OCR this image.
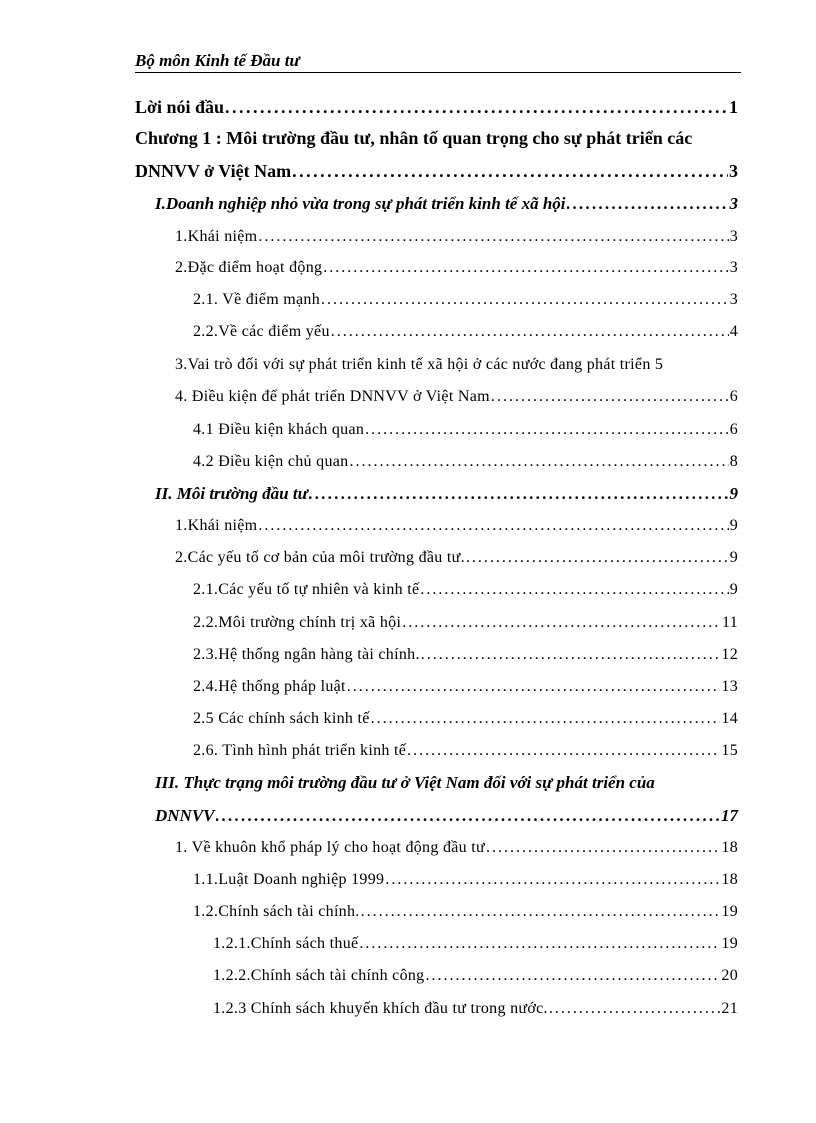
Bộ môn Kinh tế Đầu tư
Lời nói đầu . . .	1
Chương 1 : Môi trường đầu tư, nhân tố quan trọng cho sự phát triển các
DNNVV ở Việt Nam . . .	3
I.Doanh nghiệp nhỏ vừa trong sự phát triển kinh tế xã hội . . .	3
1.Khái niệm . . .	3
2.Đặc điểm hoạt động . . .	3
2.1. Về điểm mạnh . . .	3
2.2.Về các điểm yếu . . .	4
3.Vai trò đối với sự phát triển kinh tế xã hội ở các nước đang phát triển 5
4. Điều kiện để phát triển DNNVV ở Việt Nam . . .	6
4.1 Điều kiện khách quan . . .	6
4.2 Điều kiện chủ quan . . .	8
II. Môi trường đầu tư . . .	9
1.Khái niệm . . .	9
2.Các yếu tố cơ bản của môi trường đầu tư. . . .	9
2.1.Các yếu tố tự nhiên và kinh tế . . .	9
2.2.Môi trường chính trị xã hội . . .	11
2.3.Hệ thống ngân hàng tài chính. . . .	12
2.4.Hệ thống pháp luật . . .	13
2.5 Các chính sách kinh tế . . .	14
2.6. Tình hình phát triển kinh tế . . .	15
III. Thực trạng môi trường đầu tư ở Việt Nam đối với sự phát triển của
DNNVV . . .	17
1. Về khuôn khổ pháp lý cho hoạt động đầu tư . . .	18
1.1.Luật Doanh nghiệp 1999 . . .	18
1.2.Chính sách tài chính. . . .	19
1.2.1.Chính sách thuế . . .	19
1.2.2.Chính sách tài chính công . . .	20
1.2.3 Chính sách khuyến khích đầu tư trong nước. . . .	21
